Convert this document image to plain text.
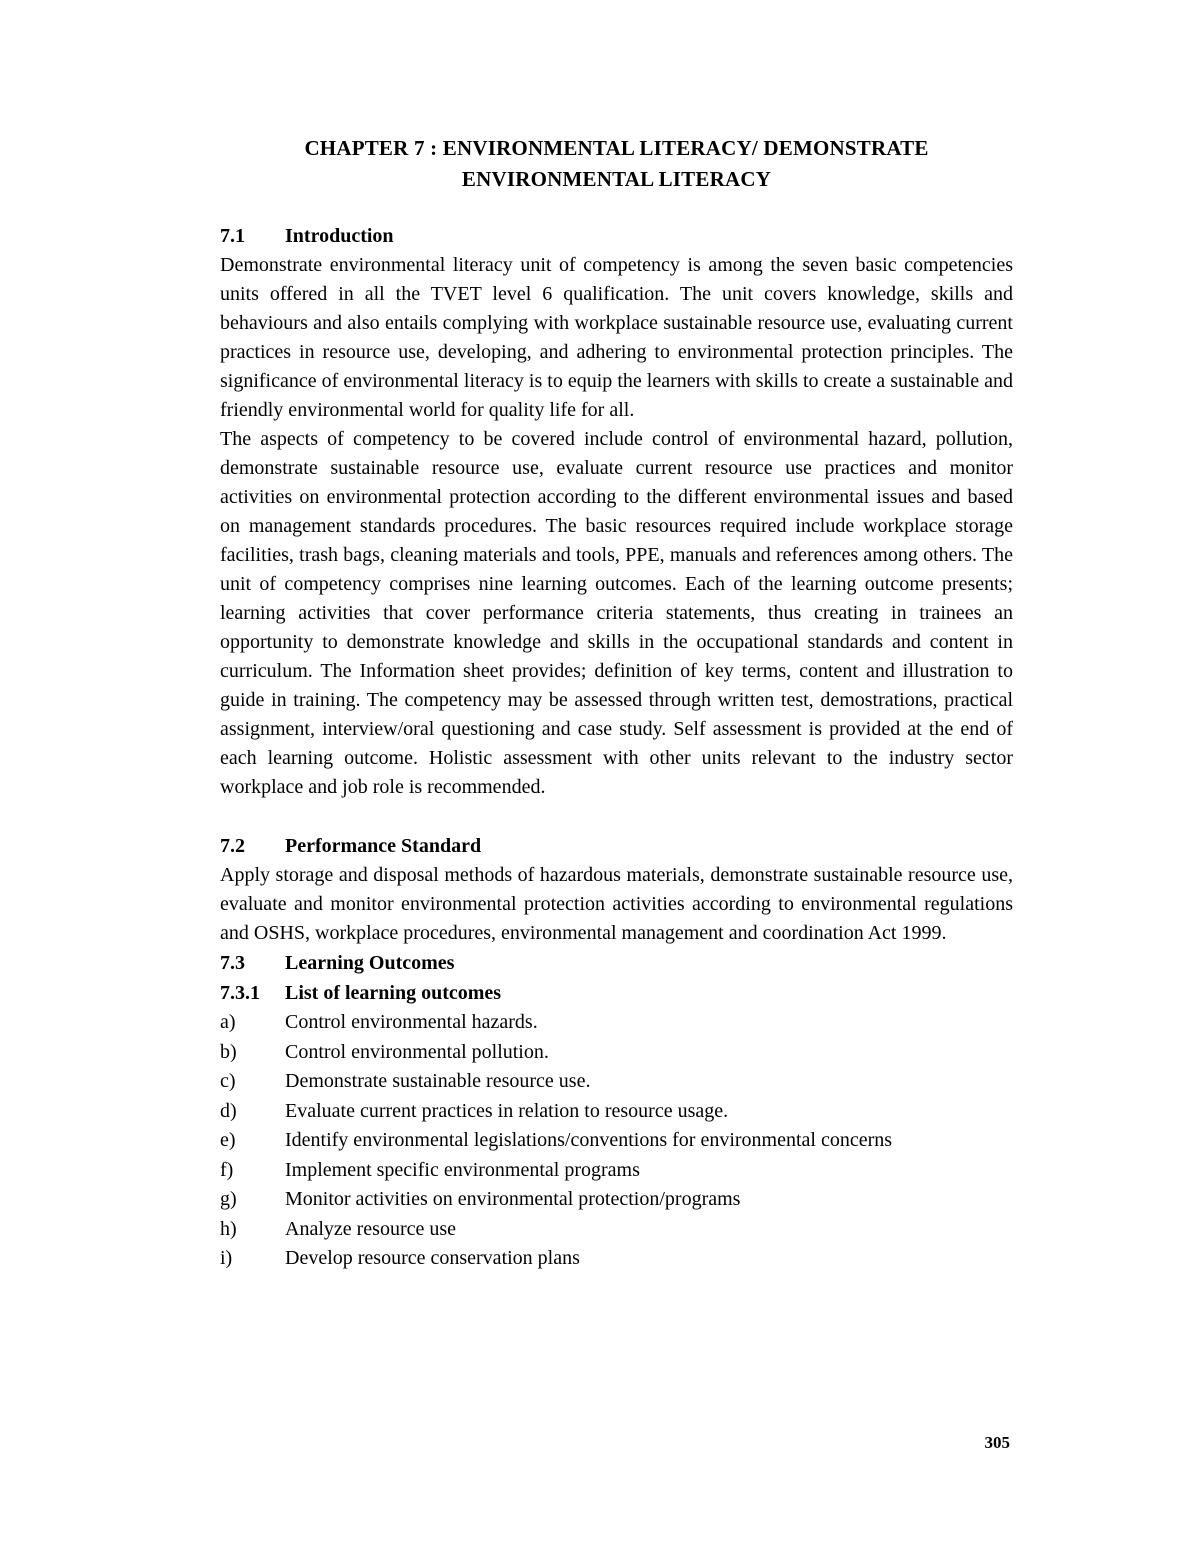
CHAPTER 7 : ENVIRONMENTAL LITERACY/ DEMONSTRATE
ENVIRONMENTAL LITERACY
7.1	Introduction

Demonstrate environmental literacy unit of competency is among the seven basic competencies units offered in all the TVET level 6 qualification. The unit covers knowledge, skills and behaviours and also entails complying with workplace sustainable resource use, evaluating current practices in resource use, developing, and adhering to environmental protection principles. The significance of environmental literacy is to equip the learners with skills to create a sustainable and friendly environmental world for quality life for all.

The aspects of competency to be covered include control of environmental hazard, pollution, demonstrate sustainable resource use, evaluate current resource use practices and monitor activities on environmental protection according to the different environmental issues and based on management standards procedures. The basic resources required include workplace storage facilities, trash bags, cleaning materials and tools, PPE, manuals and references among others. The unit of competency comprises nine learning outcomes. Each of the learning outcome presents; learning activities that cover performance criteria statements, thus creating in trainees an opportunity to demonstrate knowledge and skills in the occupational standards and content in curriculum. The Information sheet provides; definition of key terms, content and illustration to guide in training. The competency may be assessed through written test, demostrations, practical assignment, interview/oral questioning and case study. Self assessment is provided at the end of each learning outcome. Holistic assessment with other units relevant to the industry sector workplace and job role is recommended.

7.2	Performance Standard

Apply storage and disposal methods of hazardous materials, demonstrate sustainable resource use, evaluate and monitor environmental protection activities according to environmental regulations and OSHS, workplace procedures, environmental management and coordination Act 1999.

7.3	Learning Outcomes
7.3.1	List of learning outcomes
a)	Control environmental hazards.
b)	Control environmental pollution.
c)	Demonstrate sustainable resource use.
d)	Evaluate current practices in relation to resource usage.
e)	Identify environmental legislations/conventions for environmental concerns
f)	Implement specific environmental programs
g)	Monitor activities on environmental protection/programs
h)	Analyze resource use
i)	Develop resource conservation plans
305
